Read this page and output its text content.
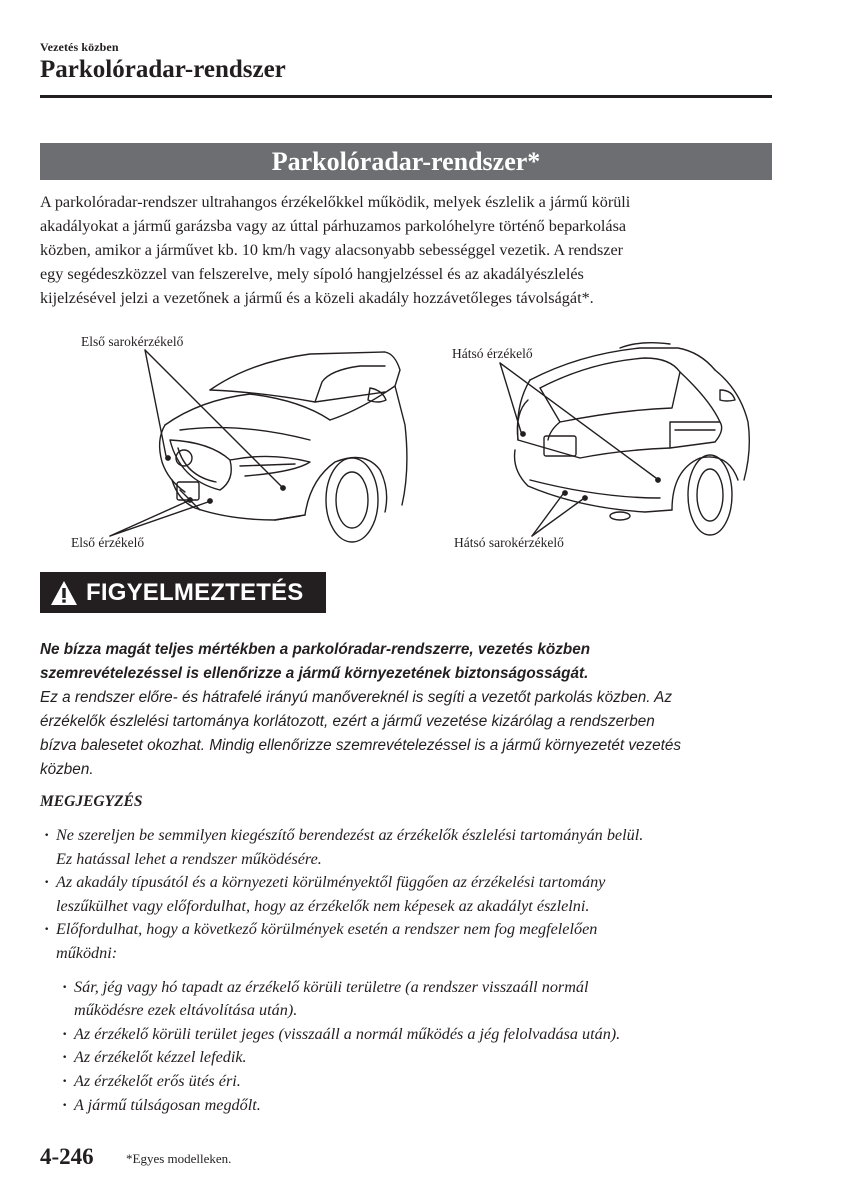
Vezetés közben
Parkolóradar-rendszer
Parkolóradar-rendszer*
A parkolóradar-rendszer ultrahangos érzékelőkkel működik, melyek észlelik a jármű körüli
akadályokat a jármű garázsba vagy az úttal párhuzamos parkolóhelyre történő beparkolása
közben, amikor a járművet kb. 10 km/h vagy alacsonyabb sebességgel vezetik. A rendszer
egy segédeszközzel van felszerelve, mely sípoló hangjelzéssel és az akadályészlelés
kijelzésével jelzi a vezetőnek a jármű és a közeli akadály hozzávetőleges távolságát*.
Első sarokérzékelő
Első érzékelő
Hátsó érzékelő
Hátsó sarokérzékelő
FIGYELMEZTETÉS
Ne bízza magát teljes mértékben a parkolóradar-rendszerre, vezetés közben
szemrevételezéssel is ellenőrizze a jármű környezetének biztonságosságát.
Ez a rendszer előre- és hátrafelé irányú manővereknél is segíti a vezetőt parkolás közben. Az
érzékelők észlelési tartománya korlátozott, ezért a jármű vezetése kizárólag a rendszerben
bízva balesetet okozhat. Mindig ellenőrizze szemrevételezéssel is a jármű környezetét vezetés
közben.
MEGJEGYZÉS
· Ne szereljen be semmilyen kiegészítő berendezést az érzékelők észlelési tartományán belül.
Ez hatással lehet a rendszer működésére.
· Az akadály típusától és a környezeti körülményektől függően az érzékelési tartomány
leszűkülhet vagy előfordulhat, hogy az érzékelők nem képesek az akadályt észlelni.
· Előfordulhat, hogy a következő körülmények esetén a rendszer nem fog megfelelően
működni:
· Sár, jég vagy hó tapadt az érzékelő körüli területre (a rendszer visszaáll normál
működésre ezek eltávolítása után).
· Az érzékelő körüli terület jeges (visszaáll a normál működés a jég felolvadása után).
· Az érzékelőt kézzel lefedik.
· Az érzékelőt erős ütés éri.
· A jármű túlságosan megdőlt.
4-246 *Egyes modelleken.
